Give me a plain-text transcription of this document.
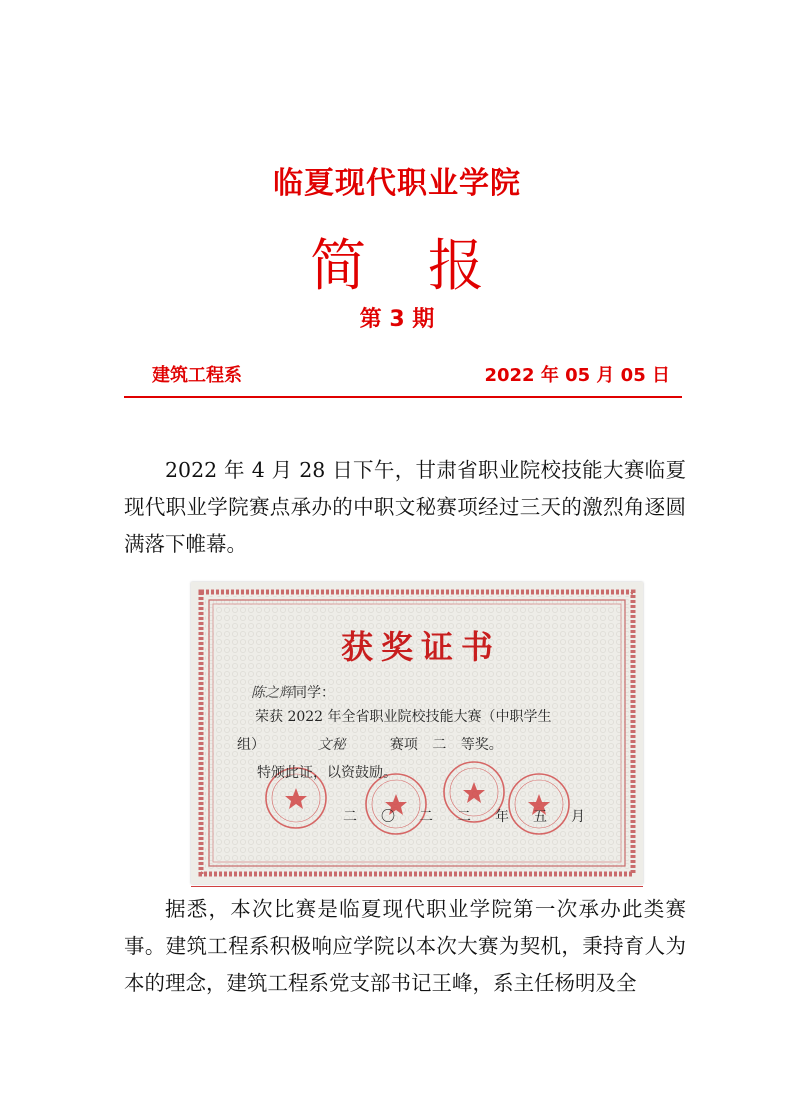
临夏现代职业学院
简 报
第 3 期
建筑工程系	2022 年 05 月 05 日

2022 年 4 月 28 日下午，甘肃省职业院校技能大赛临夏现代职业学院赛点承办的中职文秘赛项经过三天的激烈角逐圆满落下帷幕。

获奖证书
陈之辉同学：
荣获 2022 年全省职业院校技能大赛（中职学生
组）	文秘	赛项 二 等奖。
特颁此证，以资鼓励。
二 〇 二 二 年 五 月

据悉，本次比赛是临夏现代职业学院第一次承办此类赛事。建筑工程系积极响应学院以本次大赛为契机，秉持育人为本的理念，建筑工程系党支部书记王峰，系主任杨明及全
